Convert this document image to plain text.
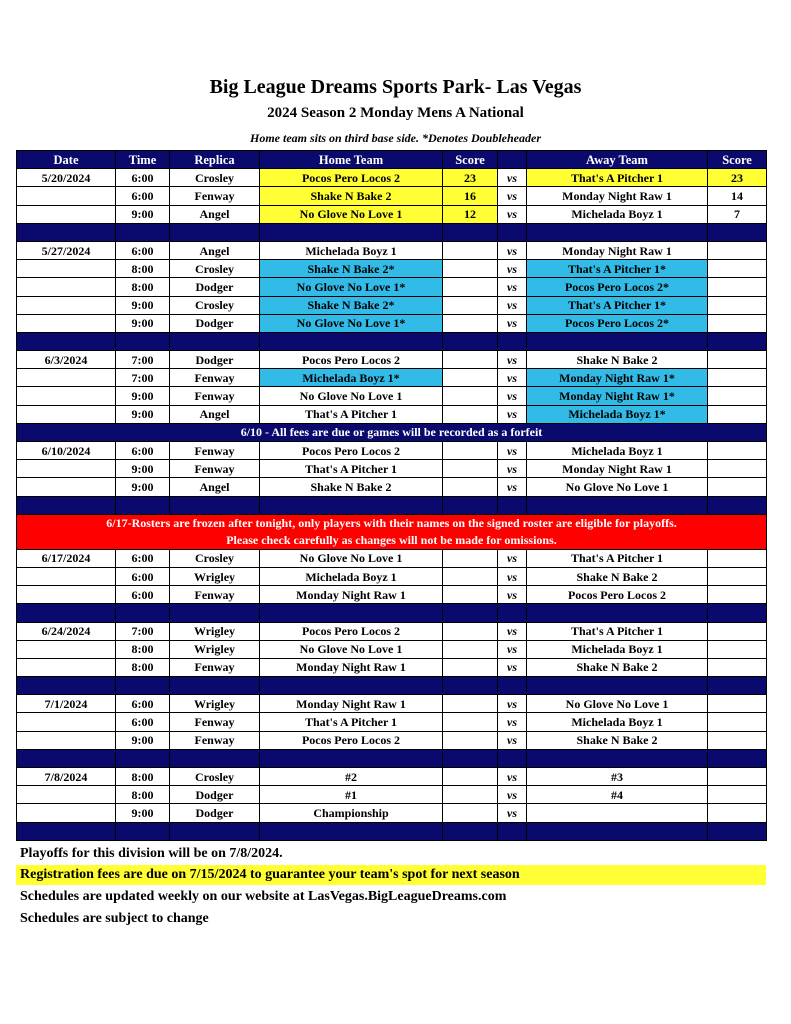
Big League Dreams Sports Park- Las Vegas
2024 Season 2 Monday Mens A National
Home team sits on third base side. *Denotes Doubleheader
Date	Time	Replica	Home Team	Score		Away Team	Score
5/20/2024	6:00	Crosley	Pocos Pero Locos 2	23	vs	That's A Pitcher 1	23
	6:00	Fenway	Shake N Bake 2	16	vs	Monday Night Raw 1	14
	9:00	Angel	No Glove No Love 1	12	vs	Michelada Boyz 1	7

5/27/2024	6:00	Angel	Michelada Boyz 1		vs	Monday Night Raw 1	
	8:00	Crosley	Shake N Bake 2*		vs	That's A Pitcher 1*	
	8:00	Dodger	No Glove No Love 1*		vs	Pocos Pero Locos 2*	
	9:00	Crosley	Shake N Bake 2*		vs	That's A Pitcher 1*	
	9:00	Dodger	No Glove No Love 1*		vs	Pocos Pero Locos 2*	

6/3/2024	7:00	Dodger	Pocos Pero Locos 2		vs	Shake N Bake 2	
	7:00	Fenway	Michelada Boyz 1*		vs	Monday Night Raw 1*	
	9:00	Fenway	No Glove No Love 1		vs	Monday Night Raw 1*	
	9:00	Angel	That's A Pitcher 1		vs	Michelada Boyz 1*	
6/10 - All fees are due or games will be recorded as a forfeit							
6/10/2024	6:00	Fenway	Pocos Pero Locos 2		vs	Michelada Boyz 1	
	9:00	Fenway	That's A Pitcher 1		vs	Monday Night Raw 1	
	9:00	Angel	Shake N Bake 2		vs	No Glove No Love 1	

6/17-Rosters are frozen after tonight, only players with their names on the signed roster are eligible for playoffs.
Please check carefully as changes will not be made for omissions.							

6/17/2024	6:00	Crosley	No Glove No Love 1		vs	That's A Pitcher 1	
	6:00	Wrigley	Michelada Boyz 1		vs	Shake N Bake 2	
	6:00	Fenway	Monday Night Raw 1		vs	Pocos Pero Locos 2	

6/24/2024	7:00	Wrigley	Pocos Pero Locos 2		vs	That's A Pitcher 1	
	8:00	Wrigley	No Glove No Love 1		vs	Michelada Boyz 1	
	8:00	Fenway	Monday Night Raw 1		vs	Shake N Bake 2	

7/1/2024	6:00	Wrigley	Monday Night Raw 1		vs	No Glove No Love 1	
	6:00	Fenway	That's A Pitcher 1		vs	Michelada Boyz 1	
	9:00	Fenway	Pocos Pero Locos 2		vs	Shake N Bake 2	

7/8/2024	8:00	Crosley	#2		vs	#3	
	8:00	Dodger	#1		vs	#4	
	9:00	Dodger	Championship		vs		

Playoffs for this division will be on 7/8/2024.
Registration fees are due on 7/15/2024 to guarantee your team's spot for next season
Schedules are updated weekly on our website at LasVegas.BigLeagueDreams.com
Schedules are subject to change
